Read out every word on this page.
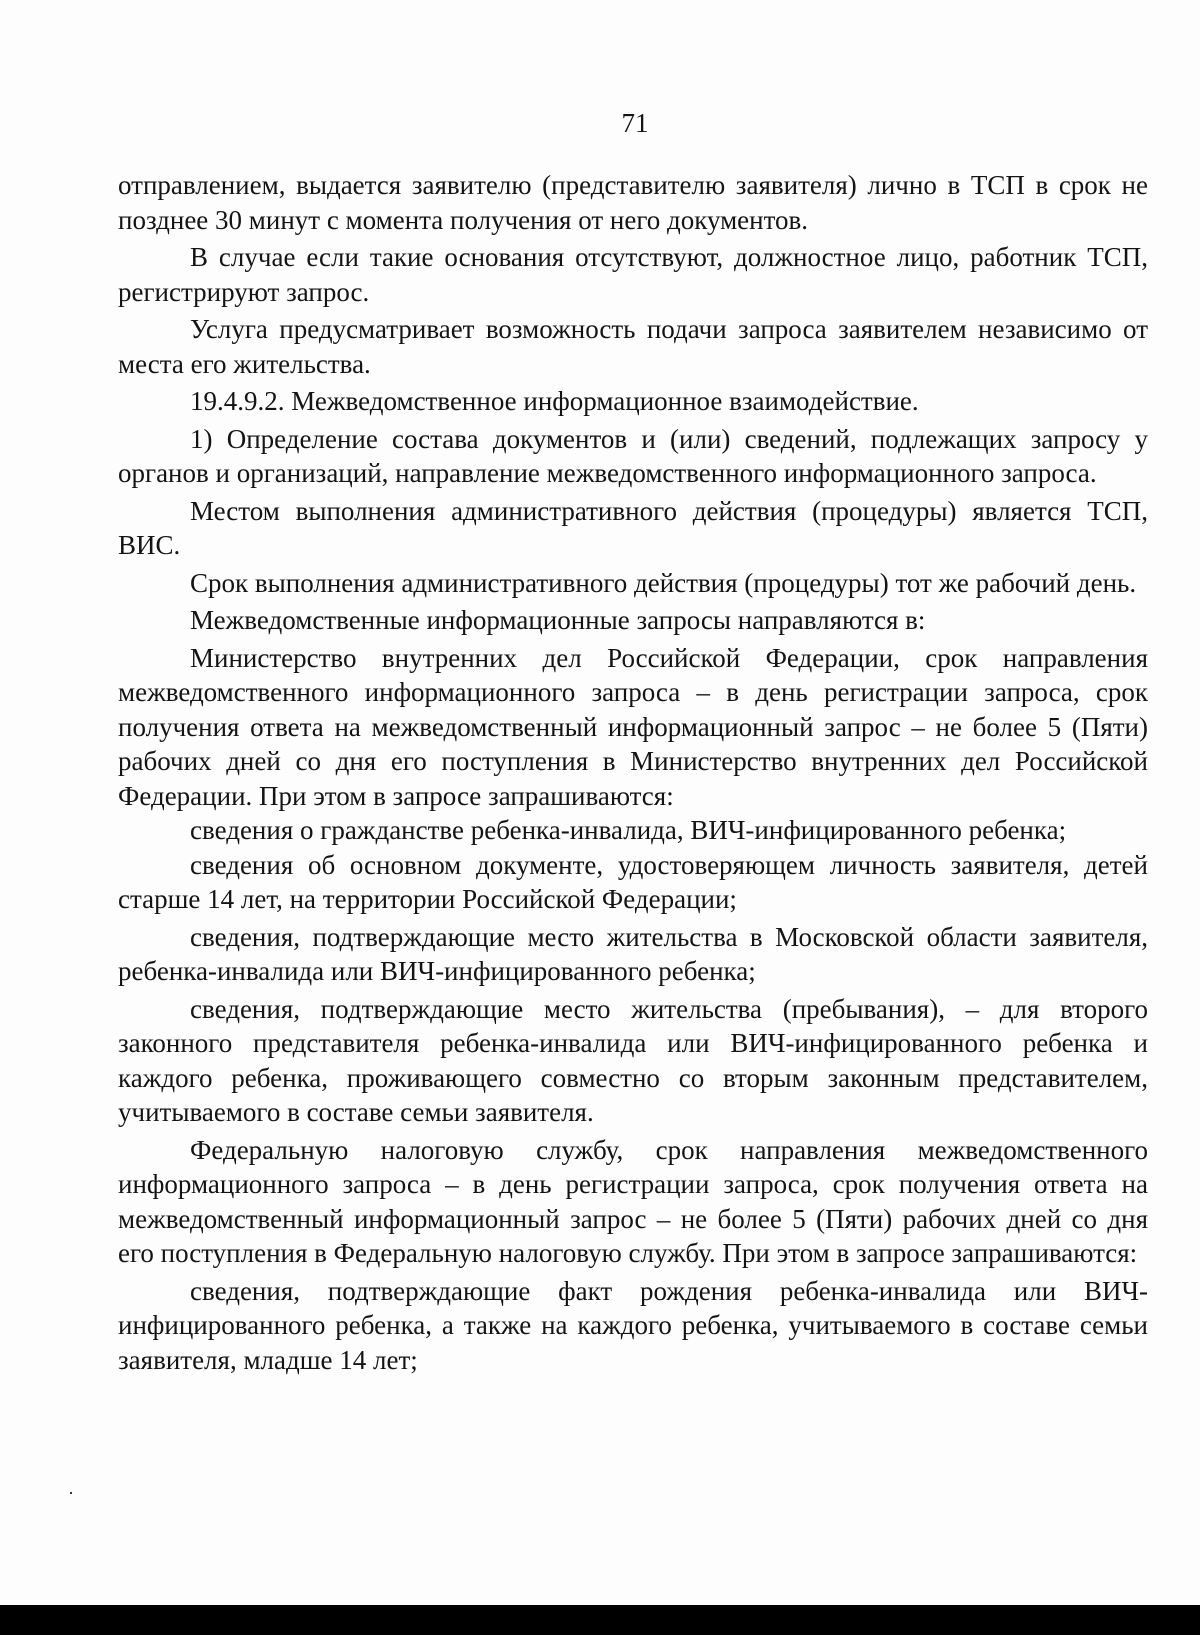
71

отправлением, выдается заявителю (представителю заявителя) лично в ТСП в срок не позднее 30 минут с момента получения от него документов.

В случае если такие основания отсутствуют, должностное лицо, работник ТСП, регистрируют запрос.

Услуга предусматривает возможность подачи запроса заявителем независимо от места его жительства.

19.4.9.2. Межведомственное информационное взаимодействие.

1) Определение состава документов и (или) сведений, подлежащих запросу у органов и организаций, направление межведомственного информационного запроса.

Местом выполнения административного действия (процедуры) является ТСП, ВИС.

Срок выполнения административного действия (процедуры) тот же рабочий день.

Межведомственные информационные запросы направляются в:

Министерство внутренних дел Российской Федерации, срок направления межведомственного информационного запроса – в день регистрации запроса, срок получения ответа на межведомственный информационный запрос – не более 5 (Пяти) рабочих дней со дня его поступления в Министерство внутренних дел Российской Федерации. При этом в запросе запрашиваются:

сведения о гражданстве ребенка-инвалида, ВИЧ-инфицированного ребенка;

сведения об основном документе, удостоверяющем личность заявителя, детей старше 14 лет, на территории Российской Федерации;

сведения, подтверждающие место жительства в Московской области заявителя, ребенка-инвалида или ВИЧ-инфицированного ребенка;

сведения, подтверждающие место жительства (пребывания), – для второго законного представителя ребенка-инвалида или ВИЧ-инфицированного ребенка и каждого ребенка, проживающего совместно со вторым законным представителем, учитываемого в составе семьи заявителя.

Федеральную налоговую службу, срок направления межведомственного информационного запроса – в день регистрации запроса, срок получения ответа на межведомственный информационный запрос – не более 5 (Пяти) рабочих дней со дня его поступления в Федеральную налоговую службу. При этом в запросе запрашиваются:

сведения, подтверждающие факт рождения ребенка-инвалида или ВИЧ-инфицированного ребенка, а также на каждого ребенка, учитываемого в составе семьи заявителя, младше 14 лет;
